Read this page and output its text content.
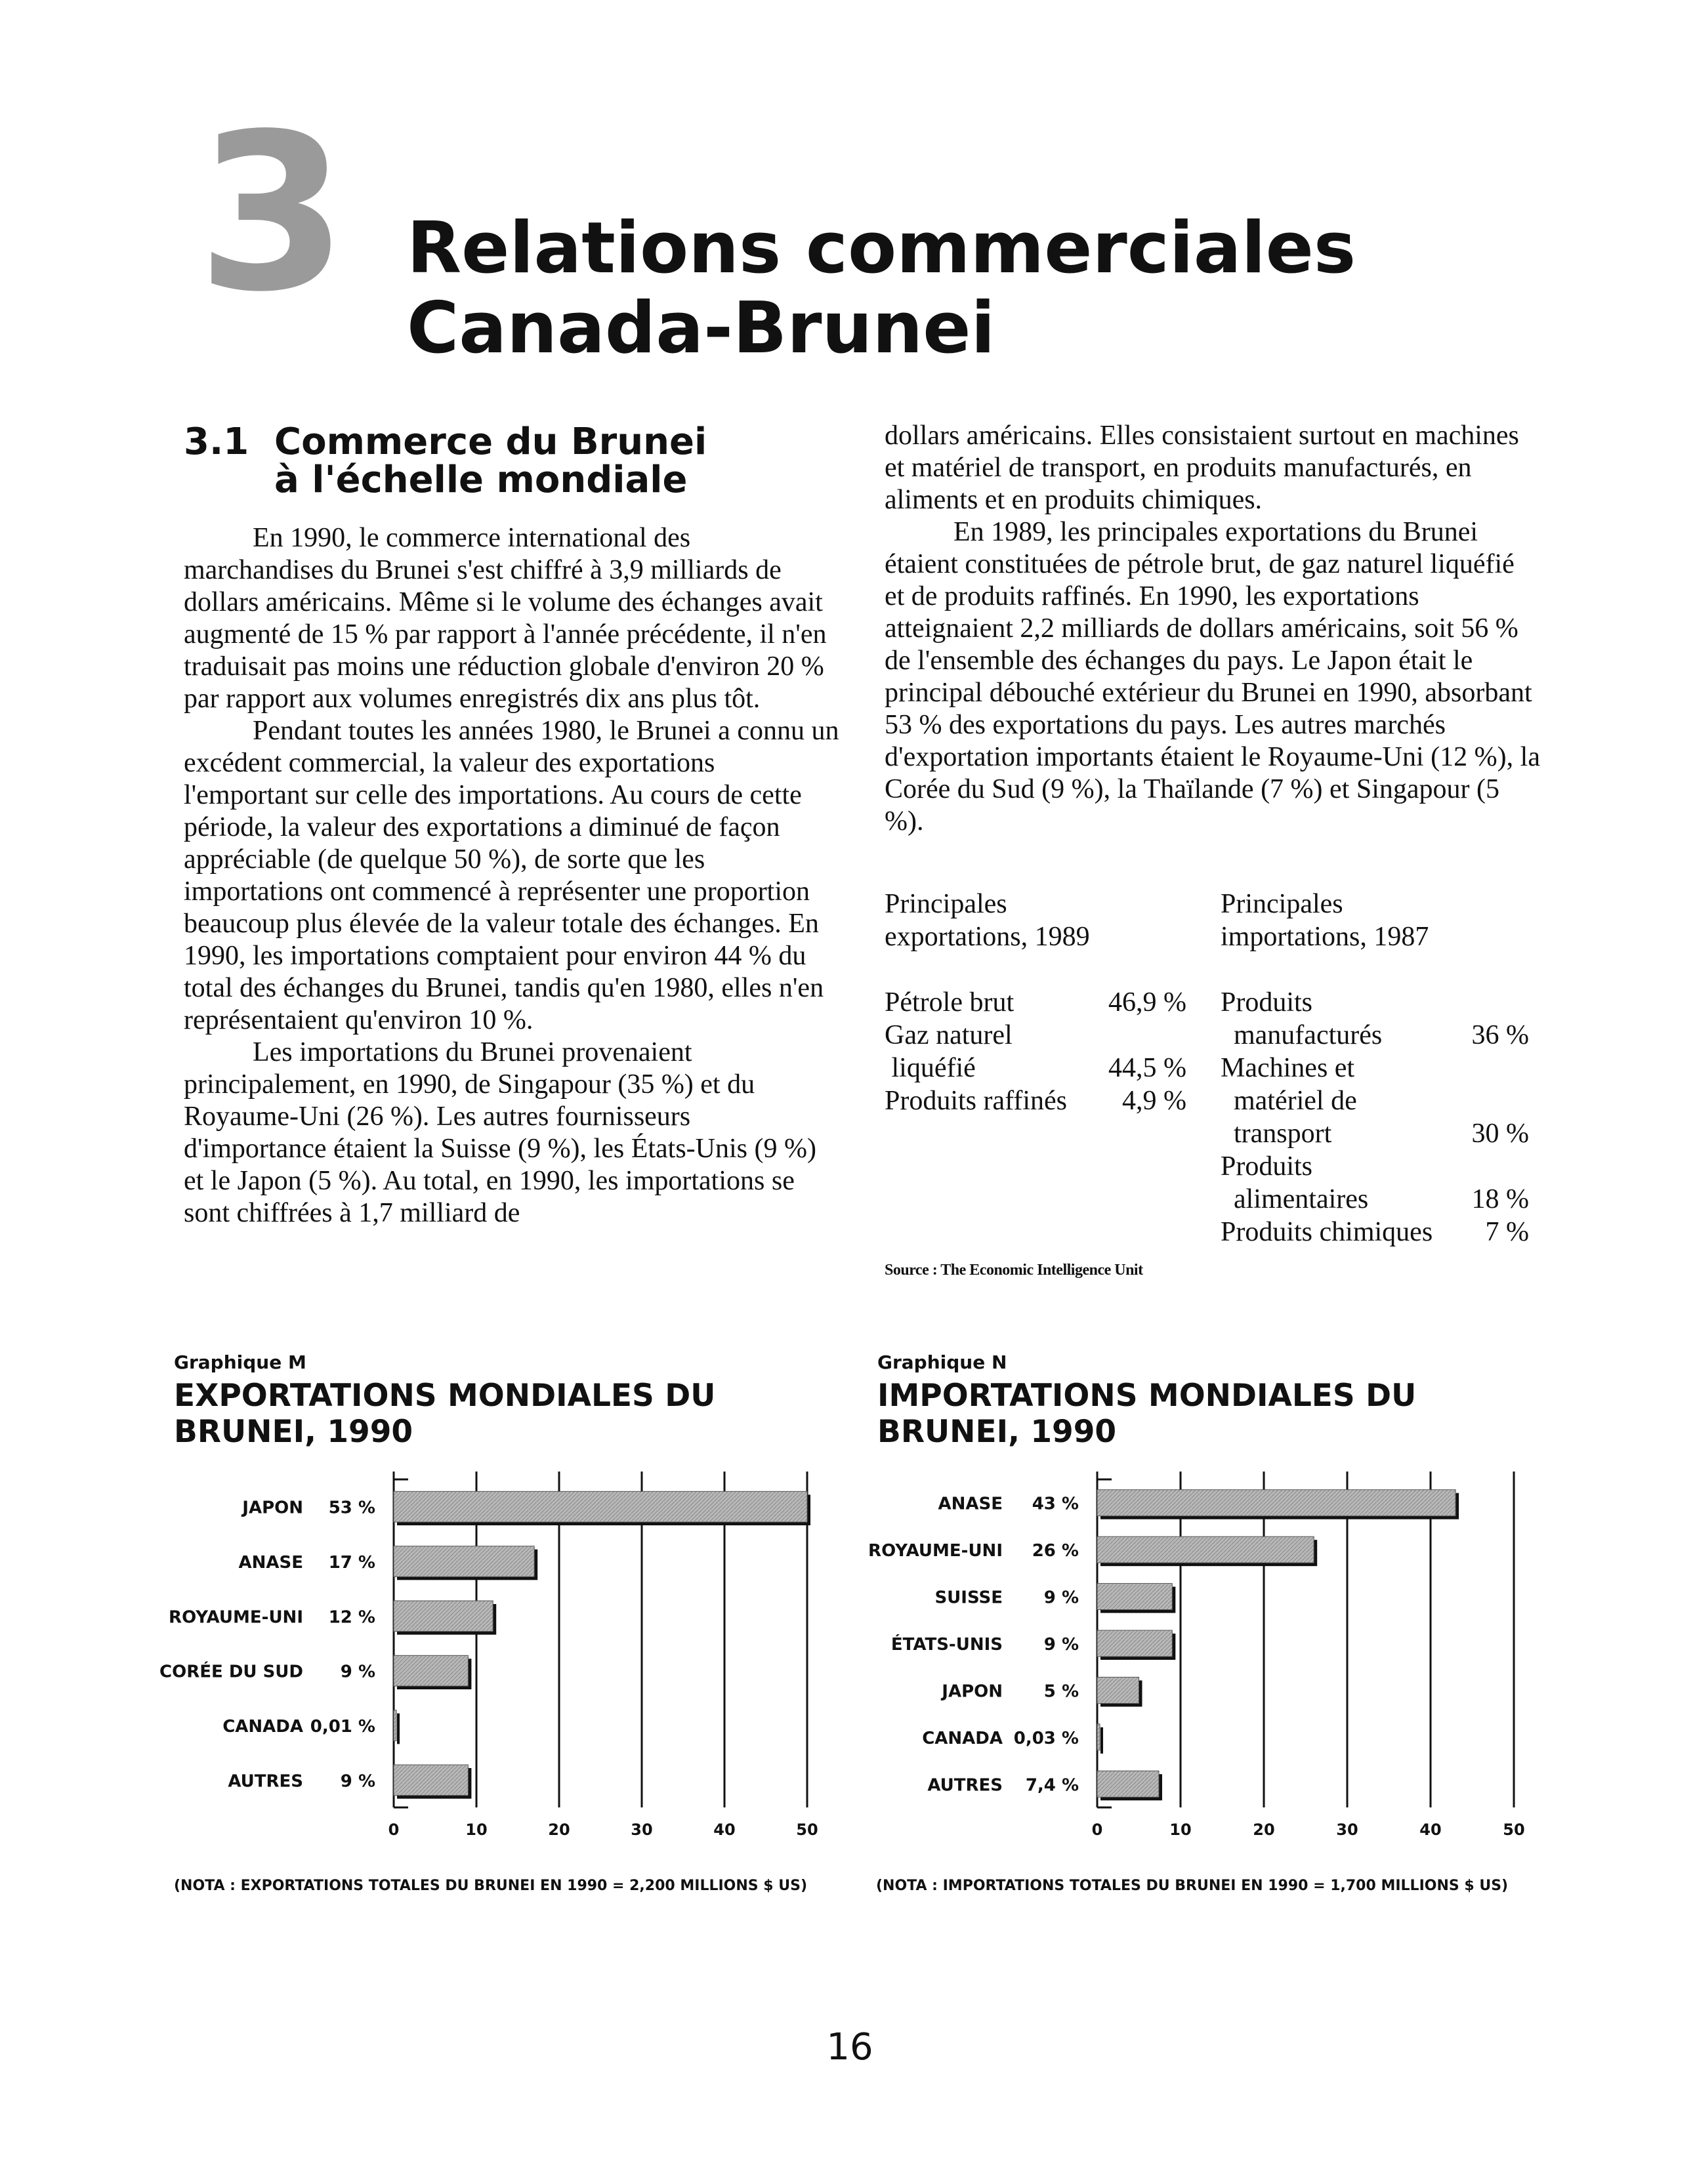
3 Relations commerciales
Canada-Brunei
3.1 Commerce du Brunei
à l'échelle mondiale

En 1990, le commerce international des marchandises du Brunei s'est chiffré à 3,9 milliards de dollars américains. Même si le volume des échanges avait augmenté de 15 % par rapport à l'année précédente, il n'en traduisait pas moins une réduction globale d'environ 20 % par rapport aux volumes enregistrés dix ans plus tôt.

Pendant toutes les années 1980, le Brunei a connu un excédent commercial, la valeur des exportations l'emportant sur celle des importations. Au cours de cette période, la valeur des exportations a diminué de façon appréciable (de quelque 50 %), de sorte que les importations ont commencé à représenter une proportion beaucoup plus élevée de la valeur totale des échanges. En 1990, les importations comptaient pour environ 44 % du total des échanges du Brunei, tandis qu'en 1980, elles n'en représentaient qu'environ 10 %.

Les importations du Brunei provenaient principalement, en 1990, de Singapour (35 %) et du Royaume-Uni (26 %). Les autres fournisseurs d'importance étaient la Suisse (9 %), les États-Unis (9 %) et le Japon (5 %). Au total, en 1990, les importations se sont chiffrées à 1,7 milliard de

dollars américains. Elles consistaient surtout en machines et matériel de transport, en produits manufacturés, en aliments et en produits chimiques.

En 1989, les principales exportations du Brunei étaient constituées de pétrole brut, de gaz naturel liquéfié et de produits raffinés. En 1990, les exportations atteignaient 2,2 milliards de dollars américains, soit 56 % de l'ensemble des échanges du pays. Le Japon était le principal débouché extérieur du Brunei en 1990, absorbant 53 % des exportations du pays. Les autres marchés d'exportation importants étaient le Royaume-Uni (12 %), la Corée du Sud (9 %), la Thaïlande (7 %) et Singapour (5 %).

Principales
exportations, 1989
Pétrole brut	46,9 %
Gaz naturel
liquéfié	44,5 %
Produits raffinés 4,9 %
Principales
importations, 1987
Produits
manufacturés	36 %
Machines et
matériel de
transport	30 %
Produits
alimentaires	18 %
Produits chimiques 7 %
Source : The Economic Intelligence Unit
Graphique M
EXPORTATIONS MONDIALES DU
BRUNEI, 1990
0	10	20	30	40	50
JAPON 53 %
ANASE 17 %
ROYAUME-UNI 12 %
CORÉE DU SUD 9 %
CANADA 0,01 %
AUTRES 9 %
(NOTA : EXPORTATIONS TOTALES DU BRUNEI EN 1990 = 2,200 MILLIONS $ US)
Graphique N
IMPORTATIONS MONDIALES DU
BRUNEI, 1990
0	10	20	30	40	50
ANASE 43 %
ROYAUME-UNI 26 %
SUISSE 9 %
ÉTATS-UNIS 9 %
JAPON 5 %
CANADA 0,03 %
AUTRES 7,4 %
(NOTA : IMPORTATIONS TOTALES DU BRUNEI EN 1990 = 1,700 MILLIONS $ US)
16
